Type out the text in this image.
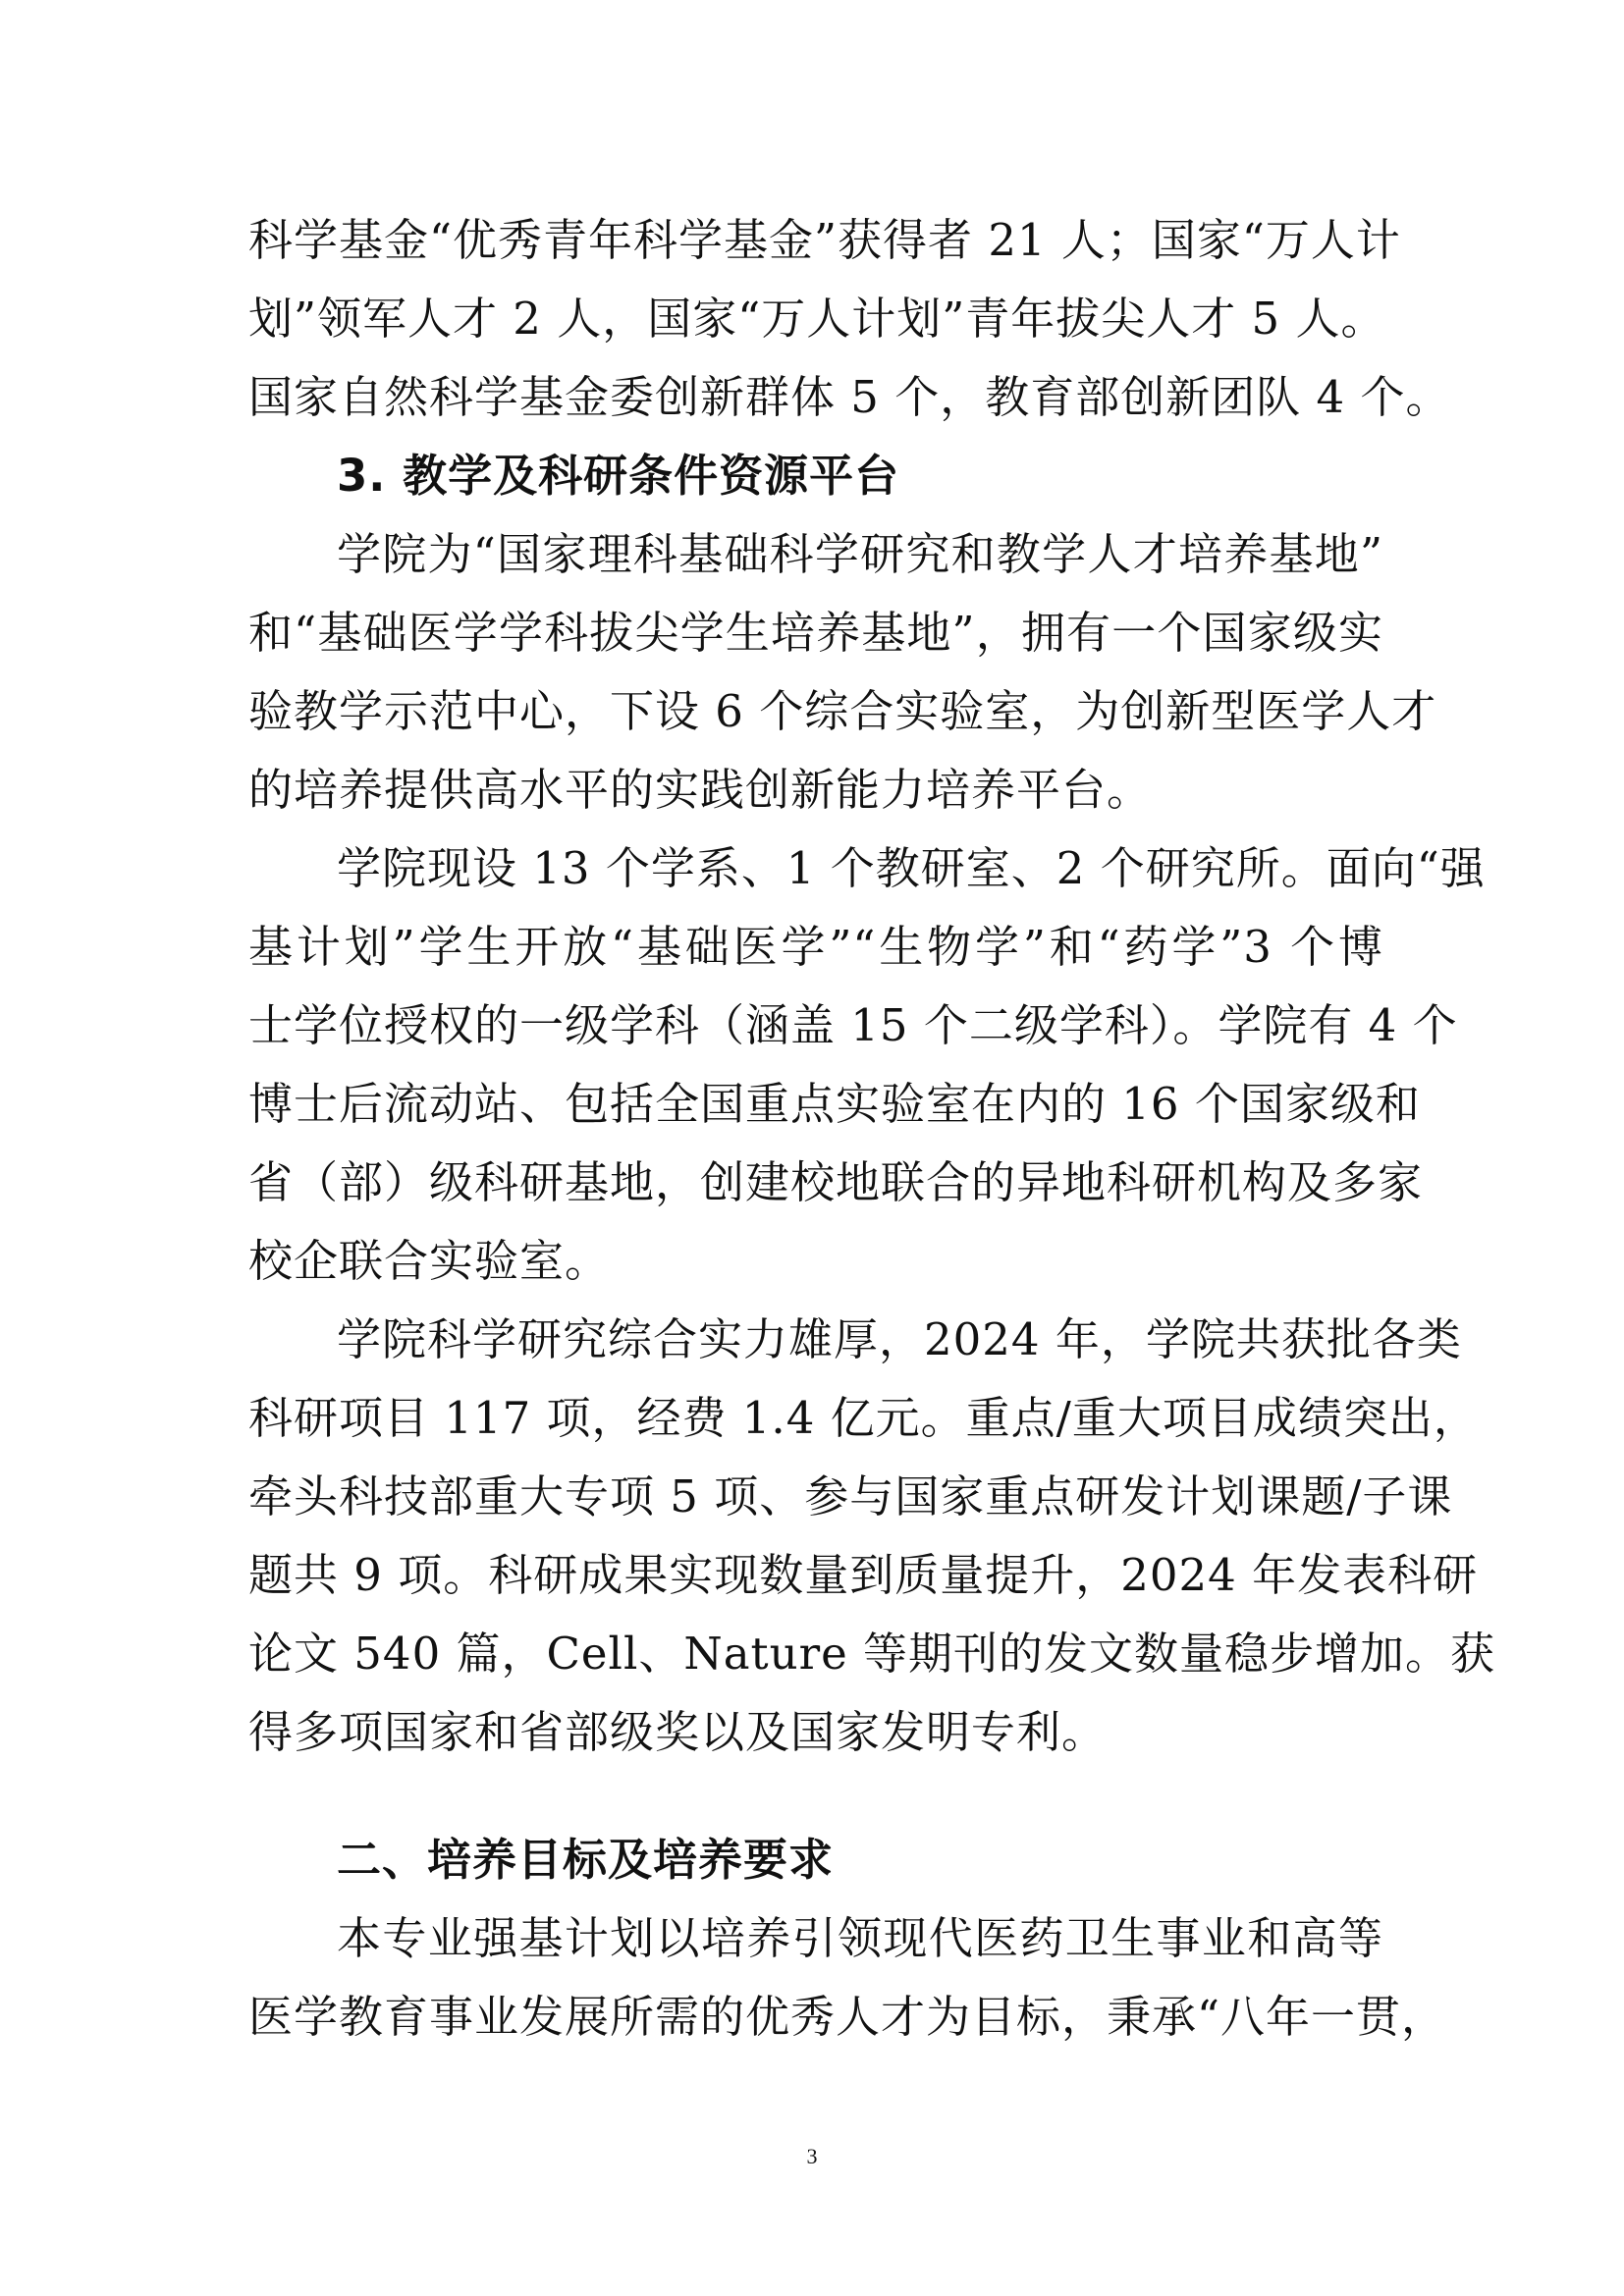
科学基金“优秀青年科学基金”获得者 21 人；国家“万人计
划”领军人才 2 人，国家“万人计划”青年拔尖人才 5 人。
国家自然科学基金委创新群体 5 个，教育部创新团队 4 个。
3. 教学及科研条件资源平台
学院为“国家理科基础科学研究和教学人才培养基地”
和“基础医学学科拔尖学生培养基地”，拥有一个国家级实
验教学示范中心，下设 6 个综合实验室，为创新型医学人才
的培养提供高水平的实践创新能力培养平台。
学院现设 13 个学系、1 个教研室、2 个研究所。面向“强
基计划”学生开放“基础医学”“生物学”和“药学”3 个博
士学位授权的一级学科（涵盖 15 个二级学科）。学院有 4 个
博士后流动站、包括全国重点实验室在内的 16 个国家级和
省（部）级科研基地，创建校地联合的异地科研机构及多家
校企联合实验室。
学院科学研究综合实力雄厚，2024 年，学院共获批各类
科研项目 117 项，经费 1.4 亿元。重点/重大项目成绩突出，
牵头科技部重大专项 5 项、参与国家重点研发计划课题/子课
题共 9 项。科研成果实现数量到质量提升，2024 年发表科研
论文 540 篇，Cell、Nature 等期刊的发文数量稳步增加。获
得多项国家和省部级奖以及国家发明专利。
二、培养目标及培养要求
本专业强基计划以培养引领现代医药卫生事业和高等
医学教育事业发展所需的优秀人才为目标，秉承“八年一贯，
3
